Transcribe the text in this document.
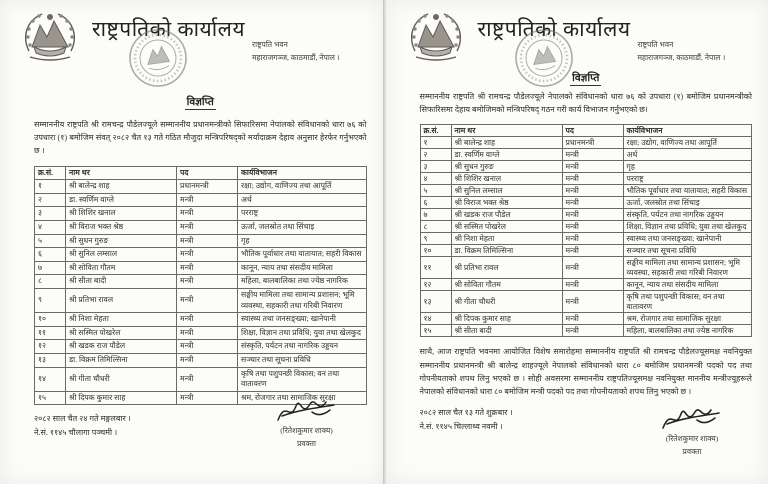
राष्ट्रपतिको कार्यालय
राष्ट्रपति भवन
महाराजगञ्ज, काठमाडौं, नेपाल ।
विज्ञप्ति

सम्माननीय राष्ट्रपति श्री रामचन्द्र पौडेलज्यूले सम्माननीय प्रधानमन्त्रीको सिफारिसमा नेपालको संविधानको धारा ७६ को उपधारा (१) बमोजिम संवत् २०८२ चैत १३ गते गठित मौजुदा मन्त्रिपरिषद्को मर्यादाक्रम देहाय अनुसार हेरफेर गर्नुभएको छ ।

क्र.सं.	नाम थर	पद	कार्यविभाजन
१	श्री बालेन्द्र शाह	प्रधानमन्त्री	रक्षा; उद्योग, वाणिज्य तथा आपूर्ति
२	डा. स्वर्णिम वाग्ले	मन्त्री	अर्थ
३	श्री शिशिर खनाल	मन्त्री	परराष्ट्र
४	श्री विराज भक्त श्रेष्ठ	मन्त्री	ऊर्जा, जलस्रोत तथा सिंचाइ
५	श्री सुधन गुरुङ	मन्त्री	गृह
६	श्री सुनिल लम्साल	मन्त्री	भौतिक पूर्वाधार तथा यातायात; सहरी विकास
७	श्री सोविता गौतम	मन्त्री	कानून, न्याय तथा संसदीय मामिला
८	श्री सीता बादी	मन्त्री	महिला, बालबालिका तथा ज्येष्ठ नागरिक
९	श्री प्रतिभा रावल	मन्त्री	सङ्घीय मामिला तथा सामान्य प्रशासन; भूमि व्यवस्था, सहकारी तथा गरिबी निवारण
१०	श्री निशा मेहता	मन्त्री	स्वास्थ्य तथा जनसङ्ख्या; खानेपानी
११	श्री सस्मित पोखरेल	मन्त्री	शिक्षा, विज्ञान तथा प्रविधि; युवा तथा खेलकुद
१२	श्री खडक राज पौडेल	मन्त्री	संस्कृति, पर्यटन तथा नागरिक उड्डयन
१३	डा. विक्रम तिमिल्सिना	मन्त्री	सञ्चार तथा सूचना प्रविधि
१४	श्री गीता चौधरी	मन्त्री	कृषि तथा पशुपन्छी विकास; वन तथा वातावरण
१५	श्री दिपक कुमार साह	मन्त्री	श्रम, रोजगार तथा सामाजिक सुरक्षा
२०८२ साल चैत २४ गते मङ्गलबार ।
ने.सं. ११४५ चौलागा पञ्चमी ।	(रितेशकुमार शाक्य)
प्रवक्ता
राष्ट्रपतिको कार्यालय
राष्ट्रपति भवन
महाराजगञ्ज, काठमाडौं, नेपाल ।
विज्ञप्ति

सम्माननीय राष्ट्रपति श्री रामचन्द्र पौडेलज्यूले नेपालको संविधानको धारा ७६ को उपधारा (१) बमोजिम प्रधानमन्त्रीको सिफारिसमा देहाय बमोजिमको मन्त्रिपरिषद् गठन गरी कार्य विभाजन गर्नुभएको छ।

क्र.सं.	नाम थर	पद	कार्यविभाजन
१	श्री बालेन्द्र शाह	प्रधानमन्त्री	रक्षा; उद्योग, वाणिज्य तथा आपूर्ति
२	डा. स्वर्णिम वाग्ले	मन्त्री	अर्थ
३	श्री सुधन गुरुङ	मन्त्री	गृह
४	श्री शिशिर खनाल	मन्त्री	परराष्ट्र
५	श्री सुनिल लम्साल	मन्त्री	भौतिक पूर्वाधार तथा यातायात; सहरी विकास
६	श्री विराज भक्त श्रेष्ठ	मन्त्री	ऊर्जा, जलस्रोत तथा सिंचाइ
७	श्री खडक राज पौडेल	मन्त्री	संस्कृति, पर्यटन तथा नागरिक उड्डयन
८	श्री सस्मित पोखरेल	मन्त्री	शिक्षा, विज्ञान तथा प्रविधि; युवा तथा खेलकुद
९	श्री निशा मेहता	मन्त्री	स्वास्थ्य तथा जनसङ्ख्या; खानेपानी
१०	डा. विक्रम तिमिल्सिना	मन्त्री	सञ्चार तथा सूचना प्रविधि
११	श्री प्रतिभा रावल	मन्त्री	सङ्घीय मामिला तथा सामान्य प्रशासन; भूमि व्यवस्था, सहकारी तथा गरिबी निवारण
१२	श्री सोविता गौतम	मन्त्री	कानून, न्याय तथा संसदीय मामिला
१३	श्री गीता चौधरी	मन्त्री	कृषि तथा पशुपन्छी विकास; वन तथा वातावरण
१४	श्री दिपक कुमार साह	मन्त्री	श्रम, रोजगार तथा सामाजिक सुरक्षा
१५	श्री सीता बादी	मन्त्री	महिला, बालबालिका तथा ज्येष्ठ नागरिक

साथै, आज राष्ट्रपति भवनमा आयोजित विशेष समारोहमा सम्माननीय राष्ट्रपति श्री रामचन्द्र पौडेलज्यूसमक्ष नवनियुक्त सम्माननीय प्रधानमन्त्री श्री बालेन्द्र शाहज्यूले नेपालको संविधानको धारा ८० बमोजिम प्रधानमन्त्री पदको पद तथा गोपनीयताको शपथ लिनु भएको छ । सोही अवसरमा सम्माननीय राष्ट्रपतिज्यूसमक्ष नवनियुक्त माननीय मन्त्रीज्यूहरूले नेपालको संविधानको धारा ८० बमोजिम मन्त्री पदको पद तथा गोपनीयताको शपथ लिनु भएको छ ।

२०८२ साल चैत १३ गते शुक्रबार ।
ने.सं. ११४५ चिल्लाथ्व नवमी ।
(रितेशकुमार शाक्य)
प्रवक्ता
